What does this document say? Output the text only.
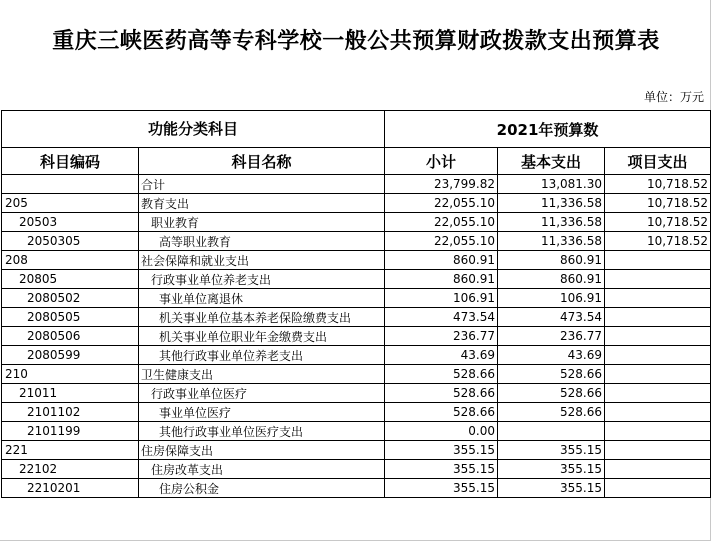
重庆三峡医药高等专科学校一般公共预算财政拨款支出预算表
单位：万元
功能分类科目		2021年预算数		
科目编码	科目名称	小计	基本支出	项目支出
	合计	23,799.82	13,081.30	10,718.52
205	教育支出	22,055.10	11,336.58	10,718.52
20503	职业教育	22,055.10	11,336.58	10,718.52
2050305	高等职业教育	22,055.10	11,336.58	10,718.52
208	社会保障和就业支出	860.91	860.91	
20805	行政事业单位养老支出	860.91	860.91	
2080502	事业单位离退休	106.91	106.91	
2080505	机关事业单位基本养老保险缴费支出	473.54	473.54	
2080506	机关事业单位职业年金缴费支出	236.77	236.77	
2080599	其他行政事业单位养老支出	43.69	43.69	
210	卫生健康支出	528.66	528.66	
21011	行政事业单位医疗	528.66	528.66	
2101102	事业单位医疗	528.66	528.66	
2101199	其他行政事业单位医疗支出	0.00		
221	住房保障支出	355.15	355.15	
22102	住房改革支出	355.15	355.15	
2210201	住房公积金	355.15	355.15	
